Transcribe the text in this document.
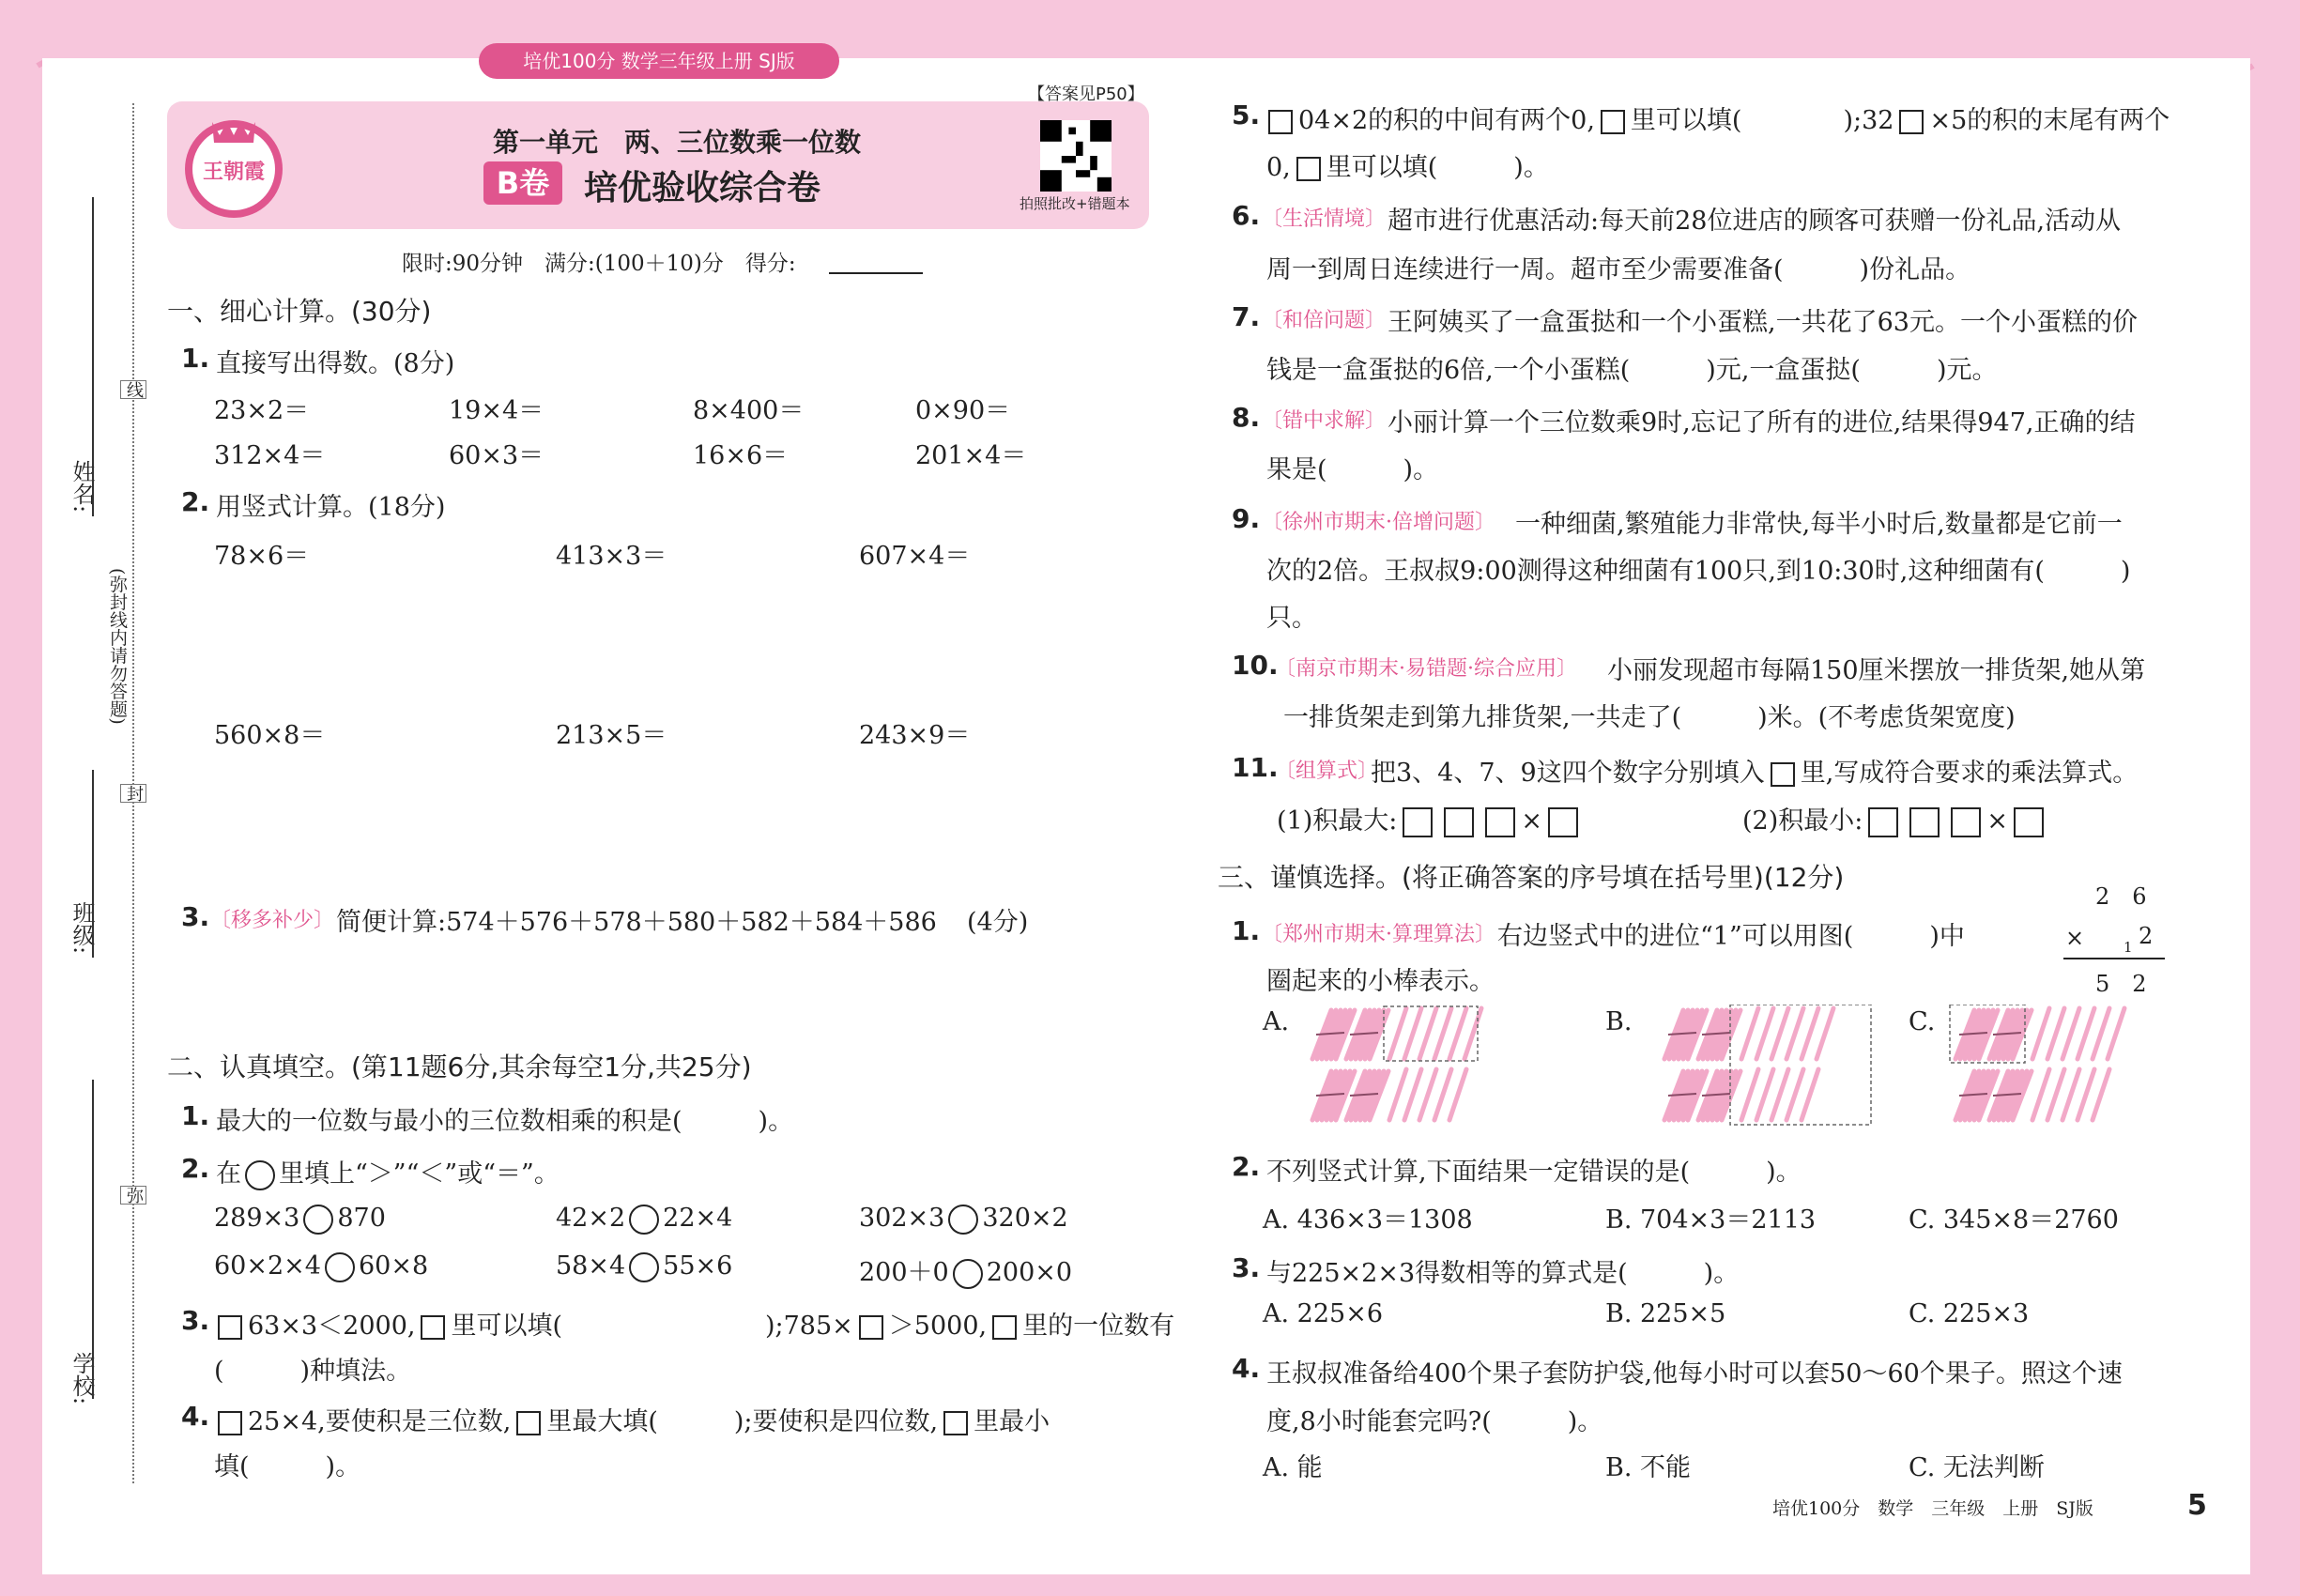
培优100分 数学三年级上册 SJ版
姓名:
班级:
学校:
(弥封线内请勿答题)
线
封
弥
王朝霞
【答案见P50】
第一单元　两、三位数乘一位数
B卷	培优验收综合卷	拍照批改+错题本
限时:90分钟　满分:(100＋10)分　得分:
一、细心计算。(30分)
1. 直接写出得数。(8分)
23×2＝	19×4＝	8×400＝	0×90＝
312×4＝	60×3＝	16×6＝	201×4＝
2. 用竖式计算。(18分)
78×6＝	413×3＝	607×4＝
560×8＝	213×5＝	243×9＝
3. 〔移多补少〕 简便计算:574＋576＋578＋580＋582＋584＋586 (4分)
二、认真填空。(第11题6分,其余每空1分,共25分)
1. 最大的一位数与最小的三位数相乘的积是(　　　)。
2. 在 里填上“＞”“＜”或“＝”。
289×3 870	42×2 22×4	302×3 320×2
60×2×4 60×8	58×4 55×6	200＋0 200×0
3.	63×3＜2000, 里可以填(　　　　　　　　);785× ＞5000, 里的一位数有
(　　　)种填法。
4.	25×4,要使积是三位数, 里最大填(　　　);要使积是四位数, 里最小
填(　　　)。
5.	04×2的积的中间有两个0, 里可以填(　　　　);32 ×5的积的末尾有两个
0, 里可以填(　　　)。
6. 〔生活情境〕 超市进行优惠活动:每天前28位进店的顾客可获赠一份礼品,活动从
周一到周日连续进行一周。超市至少需要准备(　　　)份礼品。
7. 〔和倍问题〕 王阿姨买了一盒蛋挞和一个小蛋糕,一共花了63元。一个小蛋糕的价
钱是一盒蛋挞的6倍,一个小蛋糕(　　　)元,一盒蛋挞(　　　)元。
8. 〔错中求解〕 小丽计算一个三位数乘9时,忘记了所有的进位,结果得947,正确的结
果是(　　　)。
9. 〔徐州市期末·倍增问题〕 一种细菌,繁殖能力非常快,每半小时后,数量都是它前一
次的2倍。王叔叔9:00测得这种细菌有100只,到10:30时,这种细菌有(　　　)
只。
10.
〔南京市期末·易错题·综合应用〕 小丽发现超市每隔150厘米摆放一排货架,她从第
一排货架走到第九排货架,一共走了(　　　)米。(不考虑货架宽度)
11.
〔组算式〕
把3、4、7、9这四个数字分别填入 里,写成符合要求的乘法算式。
(1)积最大:	×	(2)积最小:	×
三、谨慎选择。(将正确答案的序号填在括号里)(12分)
1. 〔郑州市期末·算理算法〕 右边竖式中的进位“1”可以用图(　　　)中
圈起来的小棒表示。
2　6
×	1 2
5　2
A.	B.	C.
2. 不列竖式计算,下面结果一定错误的是(　　　)。
A. 436×3＝1308	B. 704×3＝2113	C. 345×8＝2760
3. 与225×2×3得数相等的算式是(　　　)。
A. 225×6	B. 225×5	C. 225×3
4. 王叔叔准备给400个果子套防护袋,他每小时可以套50～60个果子。照这个速
度,8小时能套完吗?(　　　)。
A. 能	B. 不能	C. 无法判断
培优100分　数学　三年级　上册　SJ版	5
